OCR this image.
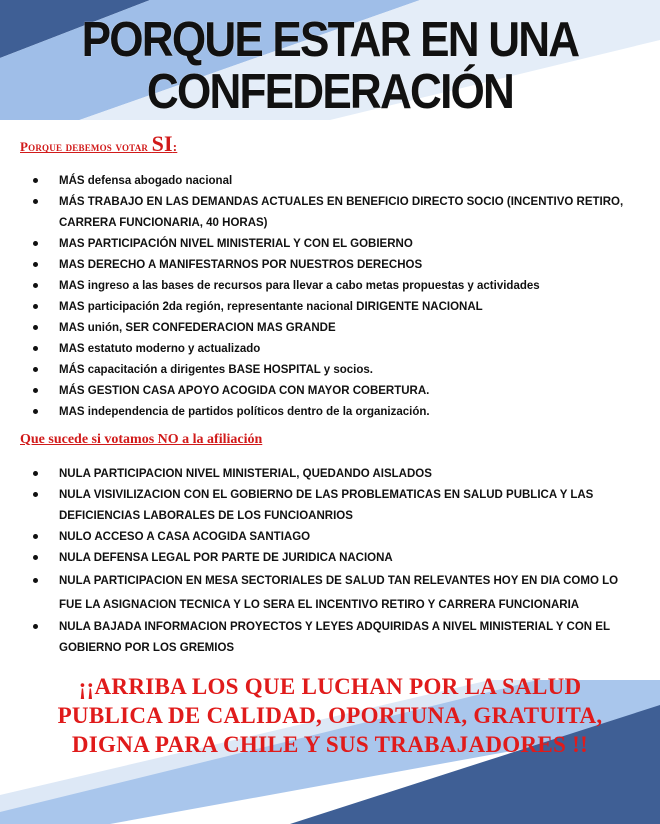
PORQUE ESTAR EN UNA
CONFEDERACIÓN
Porque debemos votar SI:
MÁS defensa abogado nacional
MÁS TRABAJO EN LAS DEMANDAS ACTUALES EN BENEFICIO DIRECTO SOCIO (INCENTIVO RETIRO, CARRERA FUNCIONARIA, 40 HORAS)
MAS PARTICIPACIÓN NIVEL MINISTERIAL Y CON EL GOBIERNO
MAS DERECHO A MANIFESTARNOS POR NUESTROS DERECHOS
MAS ingreso a las bases de recursos para llevar a cabo metas propuestas y actividades
MAS participación 2da región, representante nacional DIRIGENTE NACIONAL
MAS unión, SER CONFEDERACION MAS GRANDE
MAS estatuto moderno y actualizado
MÁS capacitación a dirigentes BASE HOSPITAL y socios.
MÁS GESTION CASA APOYO ACOGIDA CON MAYOR COBERTURA.
MAS independencia de partidos políticos dentro de la organización.
Que sucede si votamos NO a la afiliación
NULA PARTICIPACION NIVEL MINISTERIAL, QUEDANDO AISLADOS
NULA VISIVILIZACION CON EL GOBIERNO DE LAS PROBLEMATICAS EN SALUD PUBLICA Y LAS DEFICIENCIAS LABORALES DE LOS FUNCIOANRIOS
NULO ACCESO A CASA ACOGIDA SANTIAGO
NULA DEFENSA LEGAL POR PARTE DE JURIDICA NACIONA
NULA PARTICIPACION EN MESA SECTORIALES DE SALUD TAN RELEVANTES HOY EN DIA COMO LO FUE LA ASIGNACION TECNICA Y LO SERA EL INCENTIVO RETIRO Y CARRERA FUNCIONARIA
NULA BAJADA INFORMACION PROYECTOS Y LEYES ADQUIRIDAS A NIVEL MINISTERIAL Y CON EL GOBIERNO POR LOS GREMIOS
¡¡ARRIBA LOS QUE LUCHAN POR LA SALUD
PUBLICA DE CALIDAD, OPORTUNA, GRATUITA,
DIGNA PARA CHILE Y SUS TRABAJADORES !!
